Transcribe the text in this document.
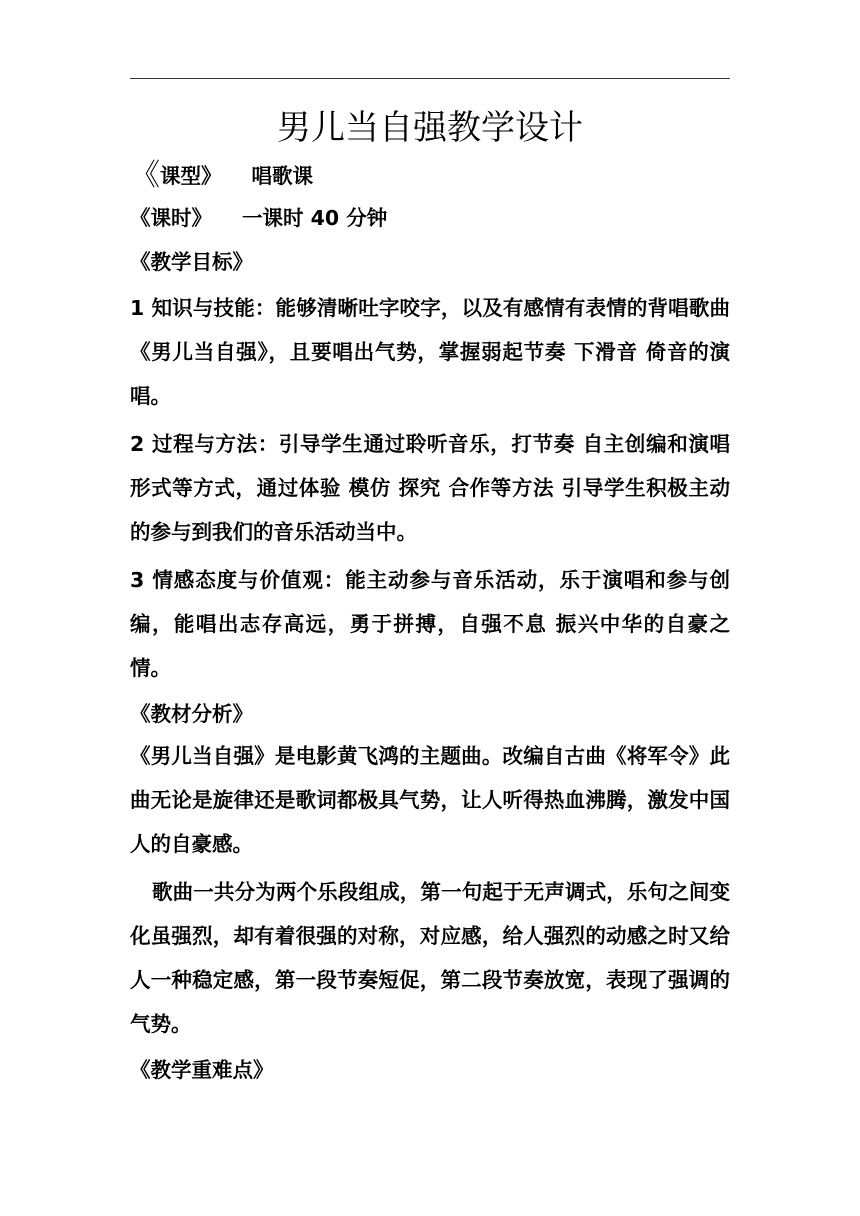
男儿当自强教学设计
《课型》 唱歌课
《课时》 一课时 40 分钟
《教学目标》
1 知识与技能：能够清晰吐字咬字，以及有感情有表情的背唱歌曲《男儿当自强》，且要唱出气势，掌握弱起节奏 下滑音 倚音的演唱。
2 过程与方法：引导学生通过聆听音乐，打节奏 自主创编和演唱形式等方式，通过体验 模仿 探究 合作等方法 引导学生积极主动的参与到我们的音乐活动当中。
3 情感态度与价值观：能主动参与音乐活动，乐于演唱和参与创编，能唱出志存高远，勇于拼搏，自强不息 振兴中华的自豪之情。
《教材分析》
《男儿当自强》是电影黄飞鸿的主题曲。改编自古曲《将军令》此曲无论是旋律还是歌词都极具气势，让人听得热血沸腾，激发中国人的自豪感。
歌曲一共分为两个乐段组成，第一句起于无声调式，乐句之间变化虽强烈，却有着很强的对称，对应感，给人强烈的动感之时又给人一种稳定感，第一段节奏短促，第二段节奏放宽，表现了强调的气势。
《教学重难点》
